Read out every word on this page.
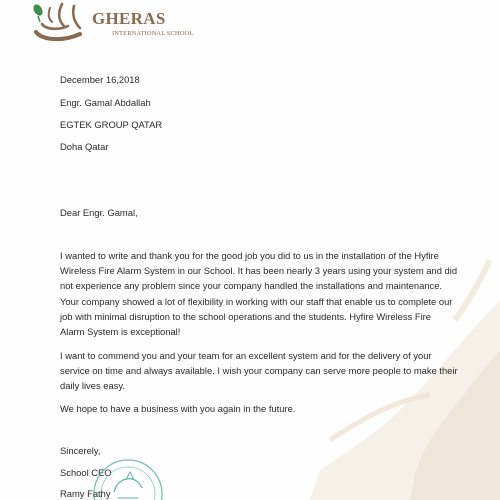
GHERAS
INTERNATIONAL SCHOOL
December 16,2018
Engr. Gamal Abdallah
EGTEK GROUP QATAR
Doha Qatar
Dear Engr. Gamal,
I wanted to write and thank you for the good job you did to us in the installation of the Hyfire
Wireless Fire Alarm System in our School. It has been nearly 3 years using your system and did
not experience any problem since your company handled the installations and maintenance.
Your company showed a lot of flexibility in working with our staff that enable us to complete our
job with minimal disruption to the school operations and the students. Hyfire Wireless Fire
Alarm System is exceptional!
I want to commend you and your team for an excellent system and for the delivery of your
service on time and always available. I wish your company can serve more people to make their
daily lives easy.
We hope to have a business with you again in the future.
Sincerely,
School CEO
Ramy Fathy
